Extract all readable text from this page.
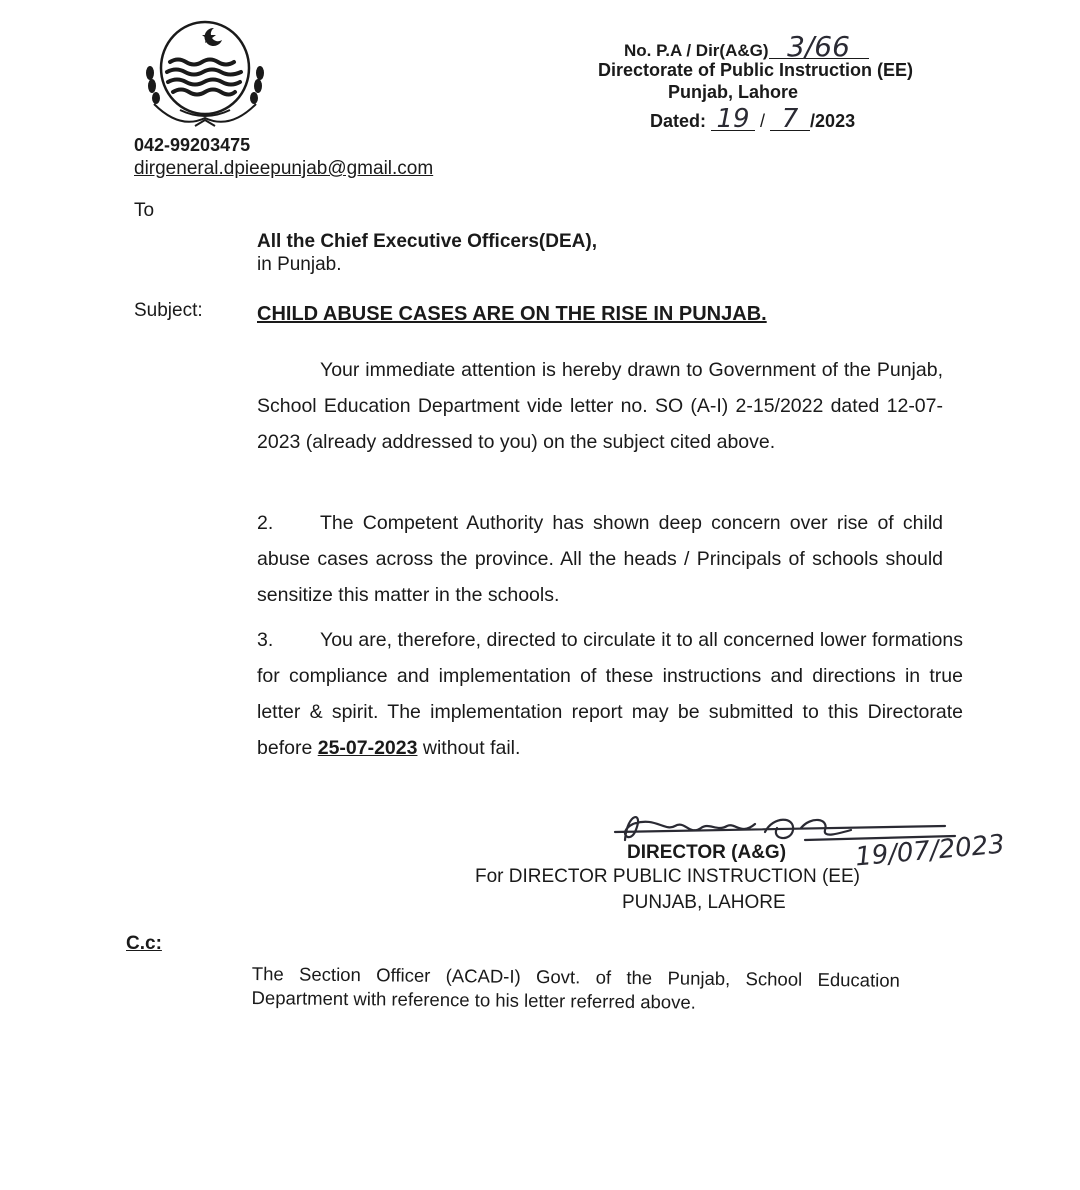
042-99203475
dirgeneral.dpieepunjab@gmail.com
No. P.A / Dir(A&G) 3/66
Directorate of Public Instruction (EE)
Punjab, Lahore
Dated: 19 / 7 /2023
To
All the Chief Executive Officers(DEA),
in Punjab.
Subject:	CHILD ABUSE CASES ARE ON THE RISE IN PUNJAB.
Your immediate attention is hereby drawn to Government of the Punjab, School Education Department vide letter no. SO (A-I) 2-15/2022 dated 12-07-2023 (already addressed to you) on the subject cited above.
2. The Competent Authority has shown deep concern over rise of child abuse cases across the province. All the heads / Principals of schools should sensitize this matter in the schools.
3. You are, therefore, directed to circulate it to all concerned lower formations for compliance and implementation of these instructions and directions in true letter & spirit. The implementation report may be submitted to this Directorate before 25-07-2023 without fail.
19/07/2023
DIRECTOR (A&G)
For DIRECTOR PUBLIC INSTRUCTION (EE)
PUNJAB, LAHORE
C.c:
The Section Officer (ACAD-I) Govt. of the Punjab, School Education Department with reference to his letter referred above.
